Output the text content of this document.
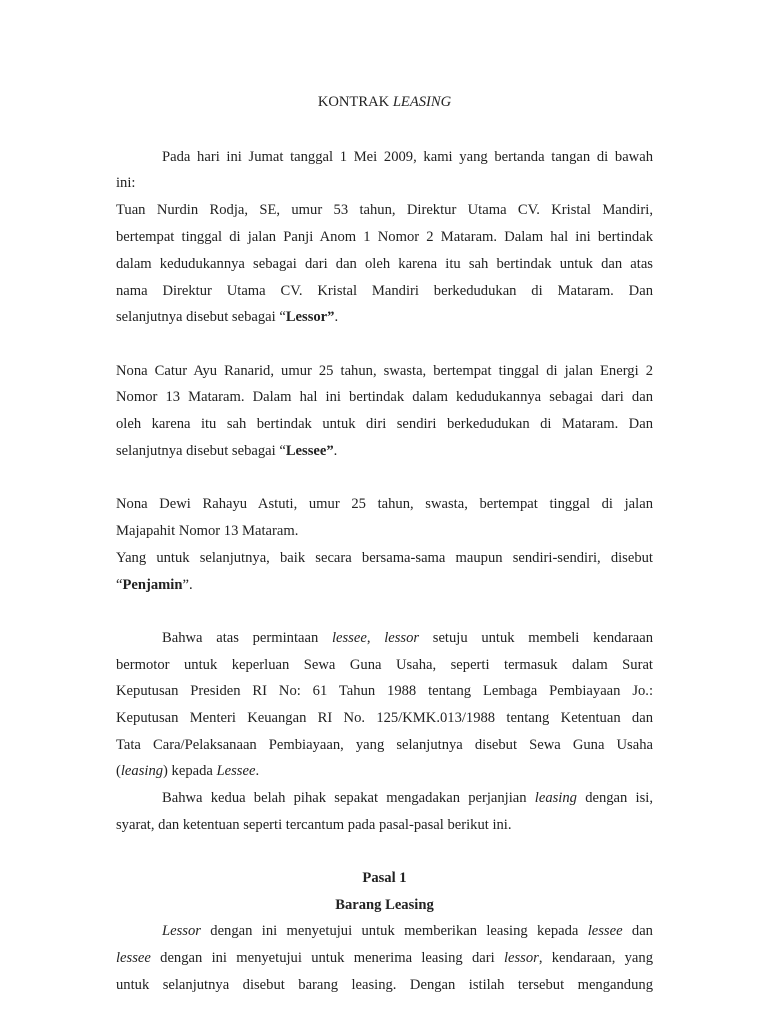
KONTRAK LEASING
Pada hari ini Jumat tanggal 1 Mei 2009, kami yang bertanda tangan di bawah
ini:
Tuan Nurdin Rodja, SE, umur 53 tahun, Direktur Utama CV. Kristal Mandiri,
bertempat tinggal di jalan Panji Anom 1 Nomor 2 Mataram. Dalam hal ini bertindak
dalam kedudukannya sebagai dari dan oleh karena itu sah bertindak untuk dan atas
nama Direktur Utama CV. Kristal Mandiri berkedudukan di Mataram. Dan
selanjutnya disebut sebagai “Lessor”.
Nona Catur Ayu Ranarid, umur 25 tahun, swasta, bertempat tinggal di jalan Energi 2
Nomor 13 Mataram. Dalam hal ini bertindak dalam kedudukannya sebagai dari dan
oleh karena itu sah bertindak untuk diri sendiri berkedudukan di Mataram. Dan
selanjutnya disebut sebagai “Lessee”.
Nona Dewi Rahayu Astuti, umur 25 tahun, swasta, bertempat tinggal di jalan
Majapahit Nomor 13 Mataram.
Yang untuk selanjutnya, baik secara bersama-sama maupun sendiri-sendiri, disebut
“Penjamin”.
Bahwa atas permintaan lessee, lessor setuju untuk membeli kendaraan
bermotor untuk keperluan Sewa Guna Usaha, seperti termasuk dalam Surat
Keputusan Presiden RI No: 61 Tahun 1988 tentang Lembaga Pembiayaan Jo.:
Keputusan Menteri Keuangan RI No. 125/KMK.013/1988 tentang Ketentuan dan
Tata Cara/Pelaksanaan Pembiayaan, yang selanjutnya disebut Sewa Guna Usaha
(leasing) kepada Lessee.
Bahwa kedua belah pihak sepakat mengadakan perjanjian leasing dengan isi,
syarat, dan ketentuan seperti tercantum pada pasal-pasal berikut ini.
Pasal 1
Barang Leasing
Lessor dengan ini menyetujui untuk memberikan leasing kepada lessee dan
lessee dengan ini menyetujui untuk menerima leasing dari lessor, kendaraan, yang
untuk selanjutnya disebut barang leasing. Dengan istilah tersebut mengandung
